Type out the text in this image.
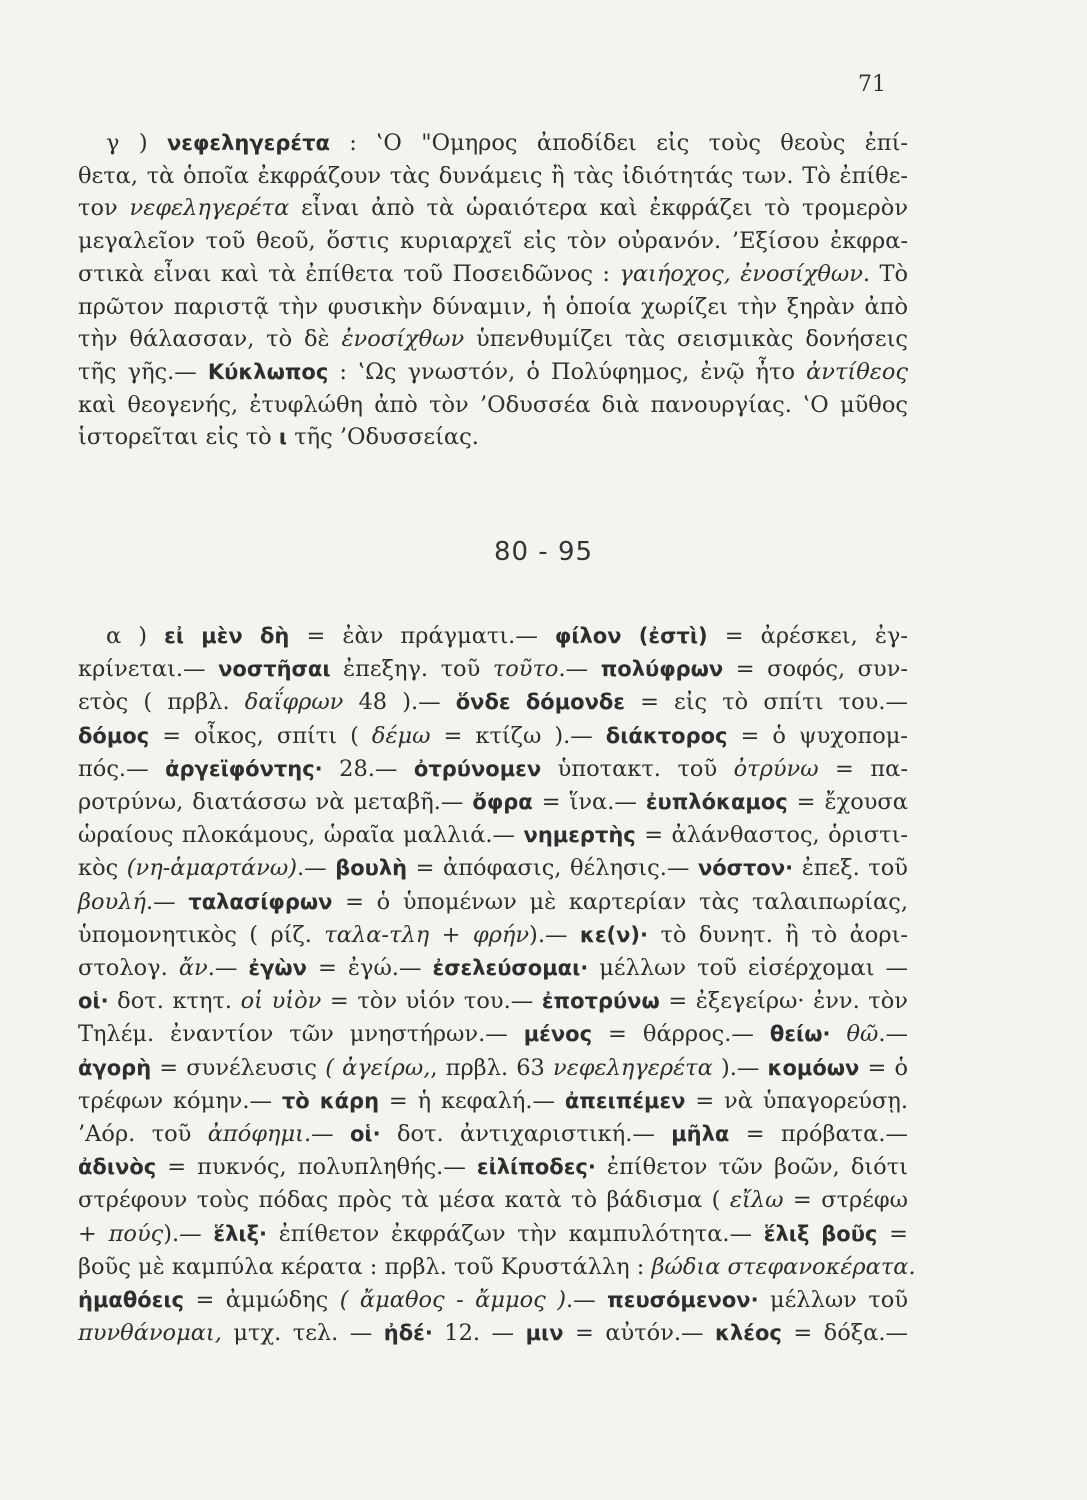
71
γ ) νεφεληγερέτα : ‛Ο "Ομηρος ἀποδίδει εἰς τοὺς θεοὺς ἐπί-
θετα, τὰ ὁποῖα ἐκφράζουν τὰς δυνάμεις ἢ τὰς ἰδιότητάς των. Τὸ ἐπίθε-
τον νεφεληγερέτα εἶναι ἀπὸ τὰ ὡραιότερα καὶ ἐκφράζει τὸ τρομερὸν
μεγαλεῖον τοῦ θεοῦ, ὅστις κυριαρχεῖ εἰς τὸν οὐρανόν. ’Εξίσου ἐκφρα-
στικὰ εἶναι καὶ τὰ ἐπίθετα τοῦ Ποσειδῶνος : γαιήοχος, ἐνοσίχθων. Τὸ
πρῶτον παριστᾷ τὴν φυσικὴν δύναμιν, ἡ ὁποία χωρίζει τὴν ξηρὰν ἀπὸ
τὴν θάλασσαν, τὸ δὲ ἐνοσίχθων ὑπενθυμίζει τὰς σεισμικὰς δονήσεις
τῆς γῆς.— Κύκλωπος : ‛Ως γνωστόν, ὁ Πολύφημος, ἐνῷ ἦτο ἀντίθεος
καὶ θεογενής, ἐτυφλώθη ἀπὸ τὸν ’Οδυσσέα διὰ πανουργίας. ‛Ο μῦθος
ἱστορεῖται εἰς τὸ ι τῆς ’Οδυσσείας.
80 - 95
α ) εἰ μὲν δὴ = ἐὰν πράγματι.— φίλον (ἐστὶ) = ἀρέσκει, ἐγ-
κρίνεται.— νοστῆσαι ἐπεξηγ. τοῦ τοῦτο.— πολύφρων = σοφός, συν-
ετὸς ( πρβλ. δαΐφρων 48 ).— ὅνδε δόμονδε = εἰς τὸ σπίτι του.—
δόμος = οἶκος, σπίτι ( δέμω = κτίζω ).— διάκτορος = ὁ ψυχοπομ-
πός.— ἀργεϊφόντης· 28.— ὀτρύνομεν ὑποτακτ. τοῦ ὀτρύνω = πα-
ροτρύνω, διατάσσω νὰ μεταβῆ.— ὄφρα = ἵνα.— ἐυπλόκαμος = ἔχουσα
ὡραίους πλοκάμους, ὡραῖα μαλλιά.— νημερτὴς = ἀλάνθαστος, ὁριστι-
κὸς (νη-ἁμαρτάνω).— βουλὴ = ἀπόφασις, θέλησις.— νόστον· ἐπεξ. τοῦ
βουλή.— ταλασίφρων = ὁ ὑπομένων μὲ καρτερίαν τὰς ταλαιπωρίας,
ὑπομονητικὸς ( ρίζ. ταλα-τλη + φρήν).— κε(ν)· τὸ δυνητ. ἢ τὸ ἀορι-
στολογ. ἄν.— ἐγὼν = ἐγώ.— ἐσελεύσομαι· μέλλων τοῦ εἰσέρχομαι —
οἱ· δοτ. κτητ. οἱ υἱὸν = τὸν υἱόν του.— ἐποτρύνω = ἐξεγείρω· ἐνν. τὸν
Τηλέμ. ἐναντίον τῶν μνηστήρων.— μένος = θάρρος.— θείω· θῶ.—
ἀγορὴ = συνέλευσις ( ἀγείρω,, πρβλ. 63 νεφεληγερέτα ).— κομόων = ὁ
τρέφων κόμην.— τὸ κάρη = ἡ κεφαλή.— ἀπειπέμεν = νὰ ὑπαγορεύσῃ.
’Αόρ. τοῦ ἀπόφημι.— οἱ· δοτ. ἀντιχαριστική.— μῆλα = πρόβατα.—
ἀδινὸς = πυκνός, πολυπληθής.— εἰλίποδες· ἐπίθετον τῶν βοῶν, διότι
στρέφουν τοὺς πόδας πρὸς τὰ μέσα κατὰ τὸ βάδισμα ( εἴλω = στρέφω
+ πούς).— ἕλιξ· ἐπίθετον ἐκφράζων τὴν καμπυλότητα.— ἕλιξ βοῦς =
βοῦς μὲ καμπύλα κέρατα : πρβλ. τοῦ Κρυστάλλη : βώδια στεφανοκέρατα.
ἠμαθόεις = ἀμμώδης ( ἄμαθος - ἄμμος ).— πευσόμενον· μέλλων τοῦ
πυνθάνομαι, μτχ. τελ. — ἠδέ· 12. — μιν = αὐτόν.— κλέος = δόξα.—
